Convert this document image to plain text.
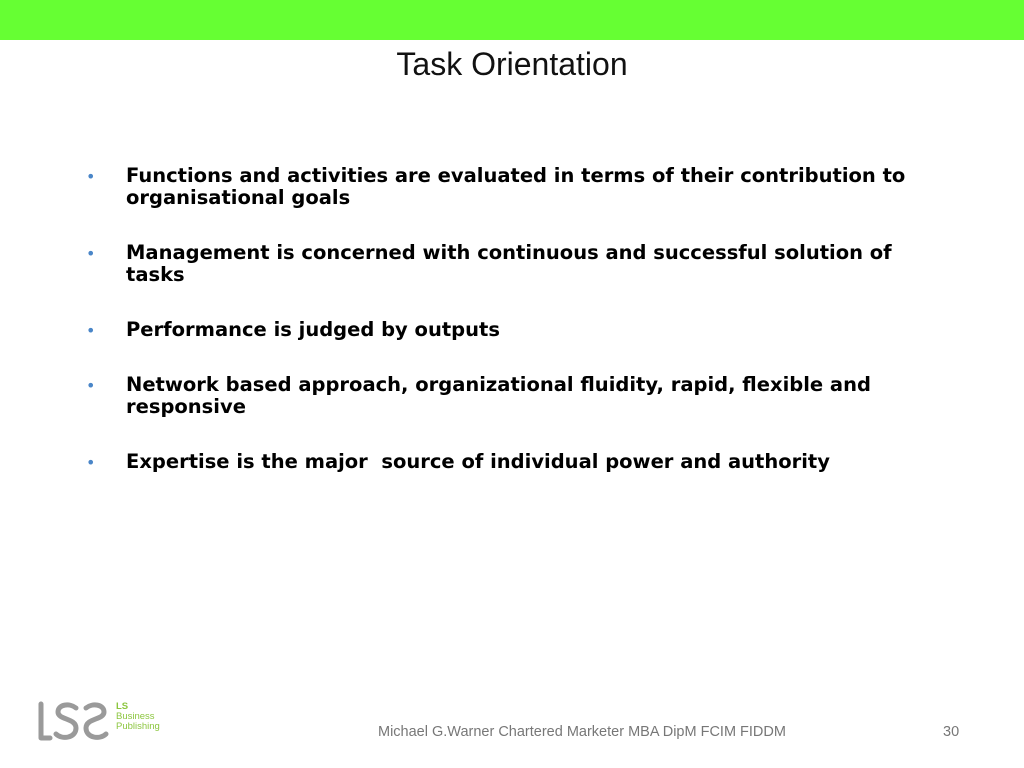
Task Orientation
• Functions and activities are evaluated in terms of their contribution to organisational goals
• Management is concerned with continuous and successful solution of tasks
• Performance is judged by outputs
• Network based approach, organizational fluidity, rapid, flexible and responsive
• Expertise is the major  source of individual power and authority
LS
Business
Publishing	Michael G.Warner Chartered Marketer MBA DipM FCIM FIDDM	30
